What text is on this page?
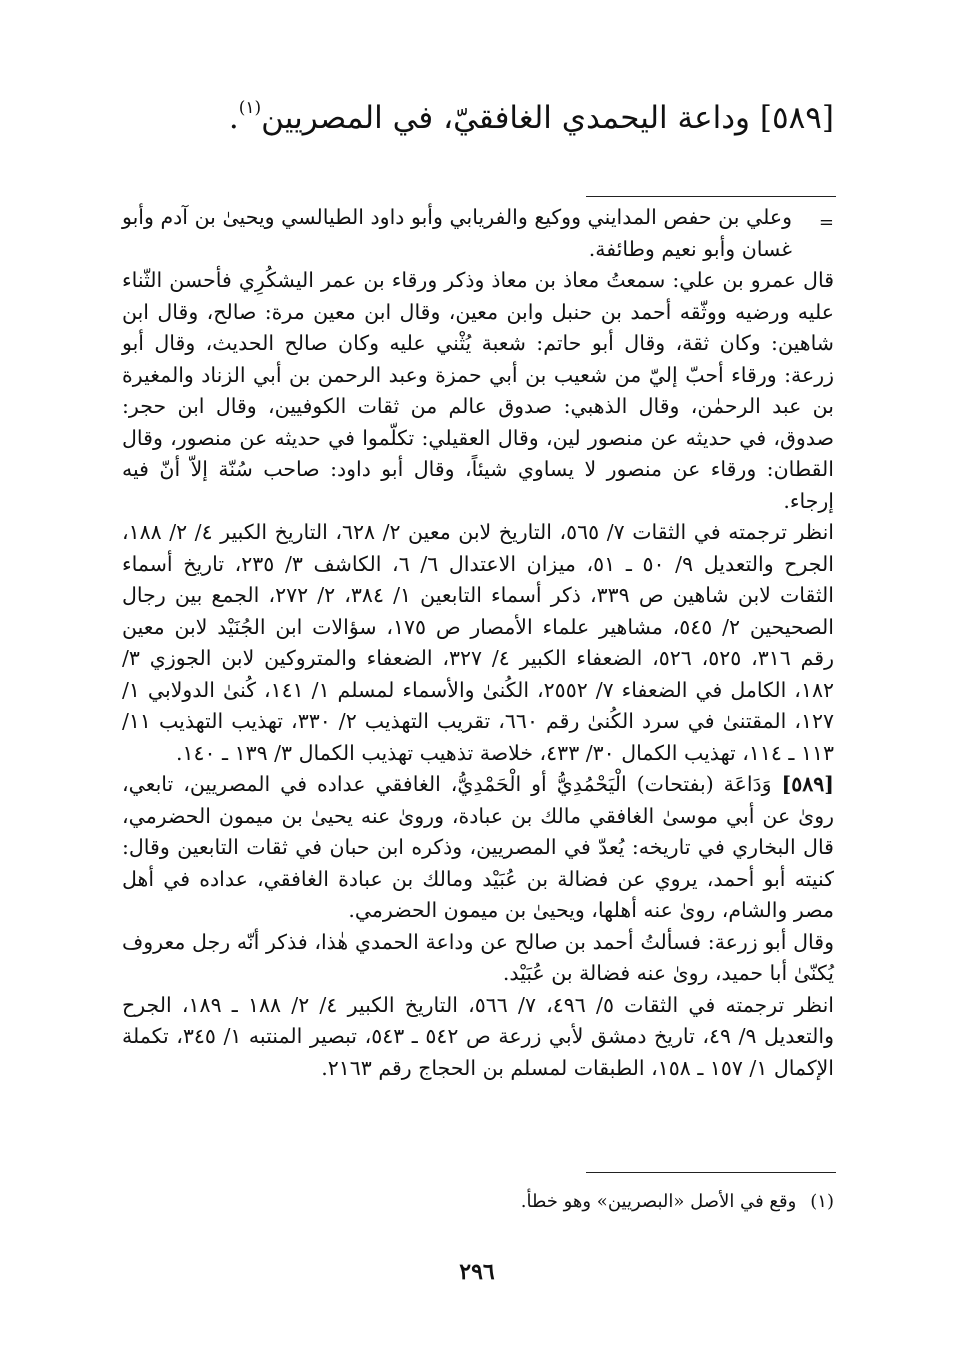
[٥٨٩] وداعة اليحمدي الغافقيّ، في المصريين$^{(١)}$.
=

وعلي بن حفص المدايني ووكيع والفريابي وأبو داود الطيالسي ويحيىٰ بن آدم وأبو غسان وأبو نعيم وطائفة.

قال عمرو بن علي: سمعتُ معاذ بن معاذ وذكر ورقاء بن عمر اليشكُرِي فأحسن الثّناء عليه ورضيه ووثّقه أحمد بن حنبل وابن معين، وقال ابن معين مرة: صالح، وقال ابن شاهين: وكان ثقة، وقال أبو حاتم: شعبة يُثْني عليه وكان صالح الحديث، وقال أبو زرعة: ورقاء أحبّ إليّ من شعيب بن أبي حمزة وعبد الرحمن بن أبي الزناد والمغيرة بن عبد الرحمٰن، وقال الذهبي: صدوق عالم من ثقات الكوفيين، وقال ابن حجر: صدوق، في حديثه عن منصور لين، وقال العقيلي: تكلّموا في حديثه عن منصور، وقال القطان: ورقاء عن منصور لا يساوي شيئاً، وقال أبو داود: صاحب سُنّة إلاّ أنّ فيه إرجاء.

انظر ترجمته في الثقات ٧/ ٥٦٥، التاريخ لابن معين ٢/ ٦٢٨، التاريخ الكبير ٤/ ٢/ ١٨٨، الجرح والتعديل ٩/ ٥٠ ـ ٥١، ميزان الاعتدال ٦/ ٦، الكاشف ٣/ ٢٣٥، تاريخ أسماء الثقات لابن شاهين ص ٣٣٩، ذكر أسماء التابعين ١/ ٣٨٤، ٢/ ٢٧٢، الجمع بين رجال الصحيحين ٢/ ٥٤٥، مشاهير علماء الأمصار ص ١٧٥، سؤالات ابن الجُنَيْد لابن معين رقم ٣١٦، ٥٢٥، ٥٢٦، الضعفاء الكبير ٤/ ٣٢٧، الضعفاء والمتروكين لابن الجوزي ٣/ ١٨٢، الكامل في الضعفاء ٧/ ٢٥٥٢، الكُنىٰ والأسماء لمسلم ١/ ١٤١، كُنىٰ الدولابي ١/ ١٢٧، المقتنىٰ في سرد الكُنىٰ رقم ٦٦٠، تقريب التهذيب ٢/ ٣٣٠، تهذيب التهذيب ١١/ ١١٣ ـ ١١٤، تهذيب الكمال ٣٠/ ٤٣٣، خلاصة تذهيب تهذيب الكمال ٣/ ١٣٩ ـ ١٤٠.

[٥٨٩] وَدَاعَة (بفتحات) الْيَحْمُدِيُّ أو الْحَمْدِيُّ، الغافقي عداده في المصريين، تابعي، روىٰ عن أبي موسىٰ الغافقي مالك بن عبادة، وروىٰ عنه يحيىٰ بن ميمون الحضرمي، قال البخاري في تاريخه: يُعدّ في المصريين، وذكره ابن حبان في ثقات التابعين وقال: كنيته أبو أحمد، يروي عن فضالة بن عُبَيْد ومالك بن عبادة الغافقي، عداده في أهل مصر والشام، روىٰ عنه أهلها، ويحيىٰ بن ميمون الحضرمي.

وقال أبو زرعة: فسألتُ أحمد بن صالح عن وداعة الحمدي هٰذا، فذكر أنّه رجل معروف يُكنّىٰ أبا حميد، روىٰ عنه فضالة بن عُبَيْد.

انظر ترجمته في الثقات ٥/ ٤٩٦، ٧/ ٥٦٦، التاريخ الكبير ٤/ ٢/ ١٨٨ ـ ١٨٩، الجرح والتعديل ٩/ ٤٩، تاريخ دمشق لأبي زرعة ص ٥٤٢ ـ ٥٤٣، تبصير المنتبه ١/ ٣٤٥، تكملة الإكمال ١/ ١٥٧ ـ ١٥٨، الطبقات لمسلم بن الحجاج رقم ٢١٦٣.

(١)وقع في الأصل «البصريين» وهو خطأ.
٢٩٦
